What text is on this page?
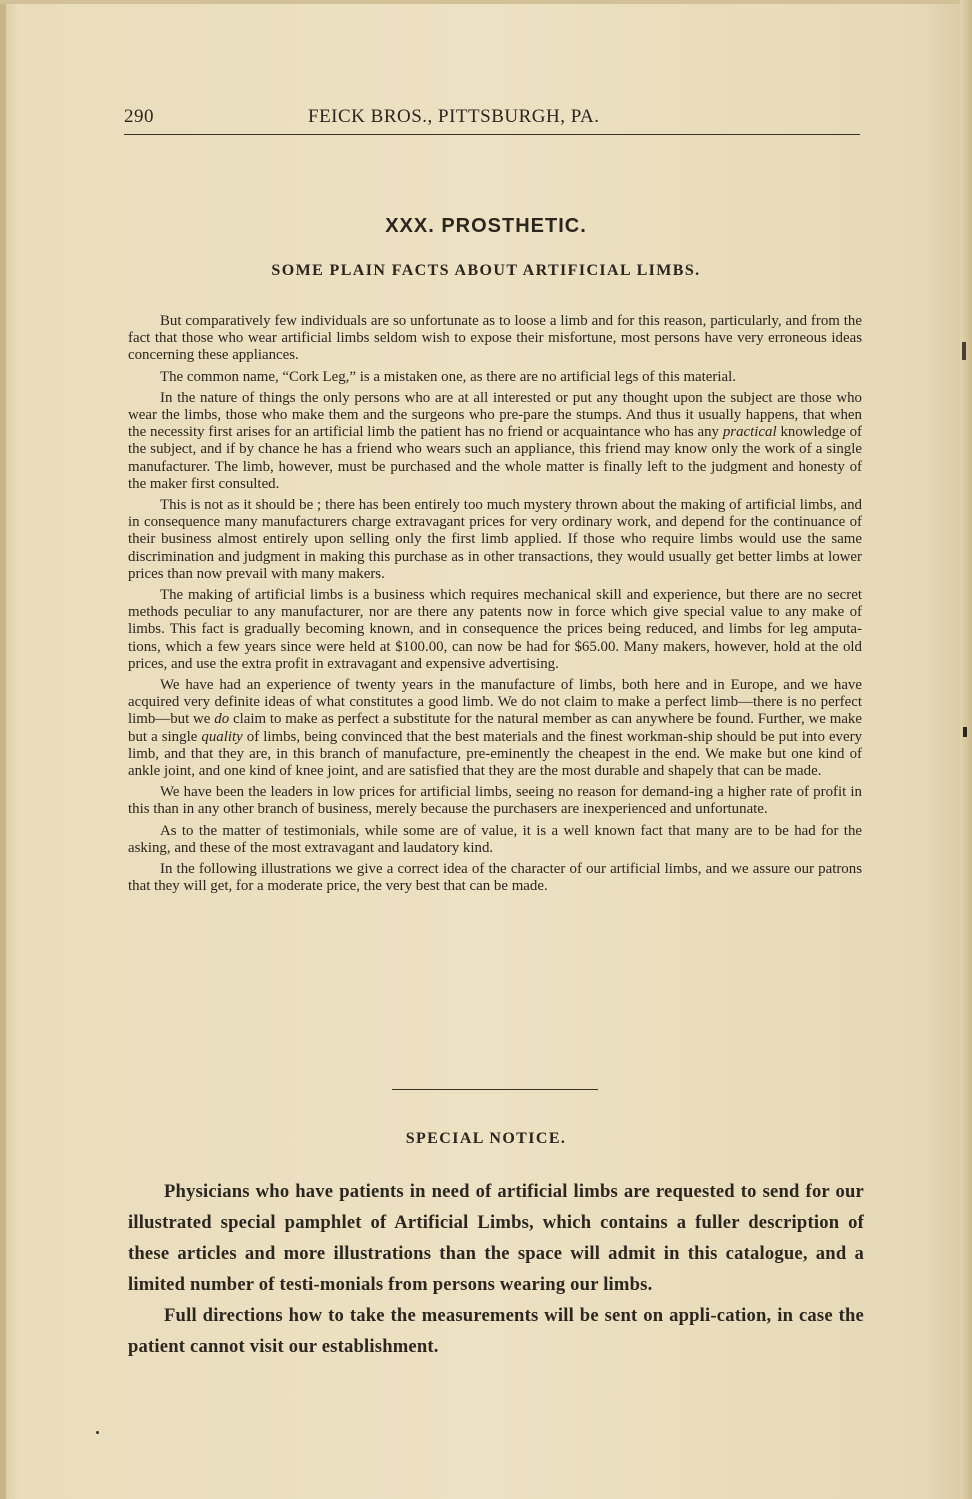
290	FEICK BROS., PITTSBURGH, PA.
XXX. PROSTHETIC.
SOME PLAIN FACTS ABOUT ARTIFICIAL LIMBS.

But comparatively few individuals are so unfortunate as to loose a limb and for this reason, particularly, and from the fact that those who wear artificial limbs seldom wish to expose their misfortune, most persons have very erroneous ideas concerning these appliances.

The common name, “Cork Leg,” is a mistaken one, as there are no artificial legs of this material.

In the nature of things the only persons who are at all interested or put any thought upon the subject are those who wear the limbs, those who make them and the surgeons who pre-pare the stumps. And thus it usually happens, that when the necessity first arises for an artificial limb the patient has no friend or acquaintance who has any practical knowledge of the subject, and if by chance he has a friend who wears such an appliance, this friend may know only the work of a single manufacturer. The limb, however, must be purchased and the whole matter is finally left to the judgment and honesty of the maker first consulted.

This is not as it should be ; there has been entirely too much mystery thrown about the making of artificial limbs, and in consequence many manufacturers charge extravagant prices for very ordinary work, and depend for the continuance of their business almost entirely upon selling only the first limb applied. If those who require limbs would use the same discrimination and judgment in making this purchase as in other transactions, they would usually get better limbs at lower prices than now prevail with many makers.

The making of artificial limbs is a business which requires mechanical skill and experience, but there are no secret methods peculiar to any manufacturer, nor are there any patents now in force which give special value to any make of limbs. This fact is gradually becoming known, and in consequence the prices being reduced, and limbs for leg amputa-tions, which a few years since were held at $100.00, can now be had for $65.00. Many makers, however, hold at the old prices, and use the extra profit in extravagant and expensive advertising.

We have had an experience of twenty years in the manufacture of limbs, both here and in Europe, and we have acquired very definite ideas of what constitutes a good limb. We do not claim to make a perfect limb—there is no perfect limb—but we do claim to make as perfect a substitute for the natural member as can anywhere be found. Further, we make but a single quality of limbs, being convinced that the best materials and the finest workman-ship should be put into every limb, and that they are, in this branch of manufacture, pre-eminently the cheapest in the end. We make but one kind of ankle joint, and one kind of knee joint, and are satisfied that they are the most durable and shapely that can be made.

We have been the leaders in low prices for artificial limbs, seeing no reason for demand-ing a higher rate of profit in this than in any other branch of business, merely because the purchasers are inexperienced and unfortunate.

As to the matter of testimonials, while some are of value, it is a well known fact that many are to be had for the asking, and these of the most extravagant and laudatory kind.

In the following illustrations we give a correct idea of the character of our artificial limbs, and we assure our patrons that they will get, for a moderate price, the very best that can be made.

SPECIAL NOTICE.

Physicians who have patients in need of artificial limbs are requested to send for our illustrated special pamphlet of Artificial Limbs, which contains a fuller description of these articles and more illustrations than the space will admit in this catalogue, and a limited number of testi-monials from persons wearing our limbs.

Full directions how to take the measurements will be sent on appli-cation, in case the patient cannot visit our establishment.
